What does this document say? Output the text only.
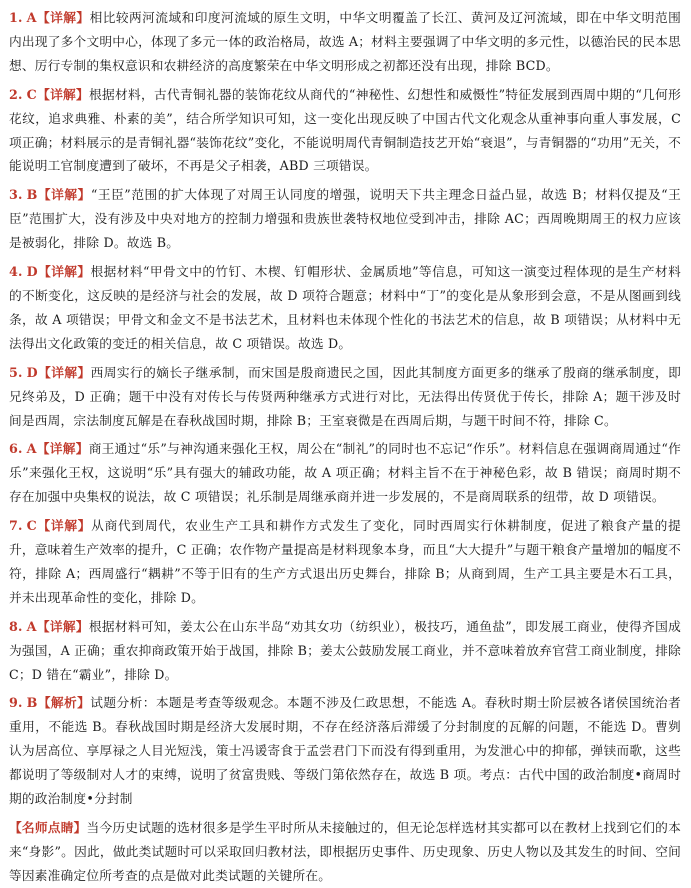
1. A【详解】相比较两河流域和印度河流域的原生文明，中华文明覆盖了长江、黄河及辽河流域，即在中华文明范围内出现了多个文明中心，体现了多元一体的政治格局，故选 A；材料主要强调了中华文明的多元性，以德治民的民本思想、厉行专制的集权意识和农耕经济的高度繁荣在中华文明形成之初都还没有出现，排除 BCD。
2. C【详解】根据材料，古代青铜礼器的装饰花纹从商代的“神秘性、幻想性和威慑性”特征发展到西周中期的“几何形花纹，追求典雅、朴素的美”，结合所学知识可知，这一变化出现反映了中国古代文化观念从重神事向重人事发展，C 项正确；材料展示的是青铜礼器“装饰花纹”变化，不能说明周代青铜制造技艺开始“衰退”，与青铜器的“功用”无关，不能说明工官制度遭到了破坏，不再是父子相袭，ABD 三项错误。
3. B【详解】“王臣”范围的扩大体现了对周王认同度的增强，说明天下共主理念日益凸显，故选 B；材料仅提及“王臣”范围扩大，没有涉及中央对地方的控制力增强和贵族世袭特权地位受到冲击，排除 AC；西周晚期周王的权力应该是被弱化，排除 D。故选 B。
4. D【详解】根据材料“甲骨文中的竹钉、木楔、钉帽形状、金属质地”等信息，可知这一演变过程体现的是生产材料的不断变化，这反映的是经济与社会的发展，故 D 项符合题意；材料中“丁”的变化是从象形到会意，不是从图画到线条，故 A 项错误；甲骨文和金文不是书法艺术，且材料也未体现个性化的书法艺术的信息，故 B 项错误；从材料中无法得出文化政策的变迁的相关信息，故 C 项错误。故选 D。
5. D【详解】西周实行的嫡长子继承制，而宋国是殷商遗民之国，因此其制度方面更多的继承了殷商的继承制度，即兄终弟及，D 正确；题干中没有对传长与传贤两种继承方式进行对比，无法得出传贤优于传长，排除 A；题干涉及时间是西周，宗法制度瓦解是在春秋战国时期，排除 B；王室衰微是在西周后期，与题干时间不符，排除 C。
6. A【详解】商王通过“乐”与神沟通来强化王权，周公在“制礼”的同时也不忘记“作乐”。材料信息在强调商周通过“作乐”来强化王权，这说明“乐”具有强大的辅政功能，故 A 项正确；材料主旨不在于神秘色彩，故 B 错误；商周时期不存在加强中央集权的说法，故 C 项错误；礼乐制是周继承商并进一步发展的，不是商周联系的纽带，故 D 项错误。
7. C【详解】从商代到周代，农业生产工具和耕作方式发生了变化，同时西周实行休耕制度，促进了粮食产量的提升，意味着生产效率的提升，C 正确；农作物产量提高是材料现象本身，而且“大大提升”与题干粮食产量增加的幅度不符，排除 A；西周盛行“耦耕”不等于旧有的生产方式退出历史舞台，排除 B；从商到周，生产工具主要是木石工具，并未出现革命性的变化，排除 D。
8. A【详解】根据材料可知，姜太公在山东半岛“劝其女功（纺织业），极技巧，通鱼盐”，即发展工商业，使得齐国成为强国，A 正确；重农抑商政策开始于战国，排除 B；姜太公鼓励发展工商业，并不意味着放弃官营工商业制度，排除 C；D 错在“霸业”，排除 D。
9. B【解析】试题分析：本题是考查等级观念。本题不涉及仁政思想，不能选 A。春秋时期士阶层被各诸侯国统治者重用，不能选 B。春秋战国时期是经济大发展时期，不存在经济落后滞缓了分封制度的瓦解的问题，不能选 D。曹刿认为居高位、享厚禄之人目光短浅，策士冯谖寄食于孟尝君门下而没有得到重用，为发泄心中的抑郁，弹铗而歌，这些都说明了等级制对人才的束缚，说明了贫富贵贱、等级门第依然存在，故选 B 项。考点：古代中国的政治制度•商周时期的政治制度•分封制
【名师点睛】当今历史试题的选材很多是学生平时所从未接触过的，但无论怎样选材其实都可以在教材上找到它们的本来“身影”。因此，做此类试题时可以采取回归教材法，即根据历史事件、历史现象、历史人物以及其发生的时间、空间等因素准确定位所考查的点是做对此类试题的关键所在。
